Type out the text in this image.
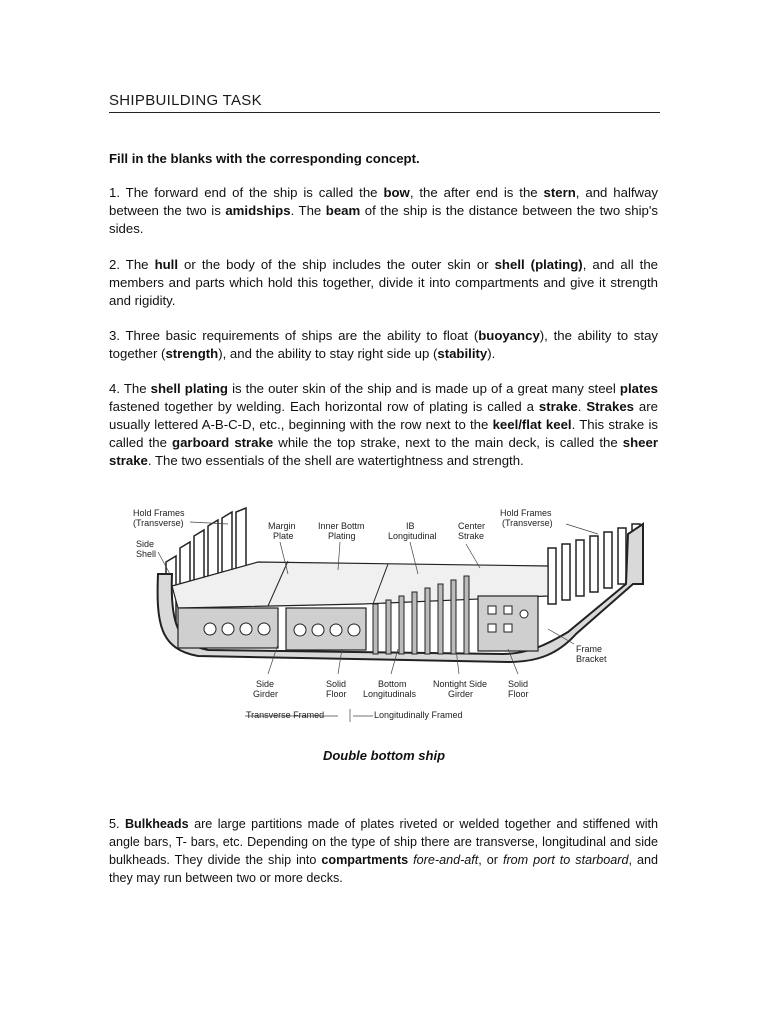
SHIPBUILDING TASK
Fill in the blanks with the corresponding concept.
1. The forward end of the ship is called the bow, the after end is the stern, and halfway between the two is amidships. The beam of the ship is the distance between the two ship's sides.
2. The hull or the body of the ship includes the outer skin or shell (plating), and all the members and parts which hold this together, divide it into compartments and give it strength and rigidity.
3. Three basic requirements of ships are the ability to float (buoyancy), the ability to stay together (strength), and the ability to stay right side up (stability).
4. The shell plating is the outer skin of the ship and is made up of a great many steel plates fastened together by welding. Each horizontal row of plating is called a strake. Strakes are usually lettered A-B-C-D, etc., beginning with the row next to the keel/flat keel. This strake is called the garboard strake while the top strake, next to the main deck, is called the sheer strake. The two essentials of the shell are watertightness and strength.
Hold Frames
(Transverse)
Side
Shell
Margin
Plate
Inner Bottm
Plating
IB
Longitudinal
Center
Strake
Hold Frames
(Transverse)
Frame
Bracket
Side
Girder
Solid
Floor
Bottom
Longitudinals
Nontight Side
Girder
Solid
Floor
Transverse Framed	Longitudinally Framed
Double bottom ship
5. Bulkheads are large partitions made of plates riveted or welded together and stiffened with angle bars, T- bars, etc. Depending on the type of ship there are transverse, longitudinal and side bulkheads. They divide the ship into compartments fore-and-aft, or from port to starboard, and they may run between two or more decks.
